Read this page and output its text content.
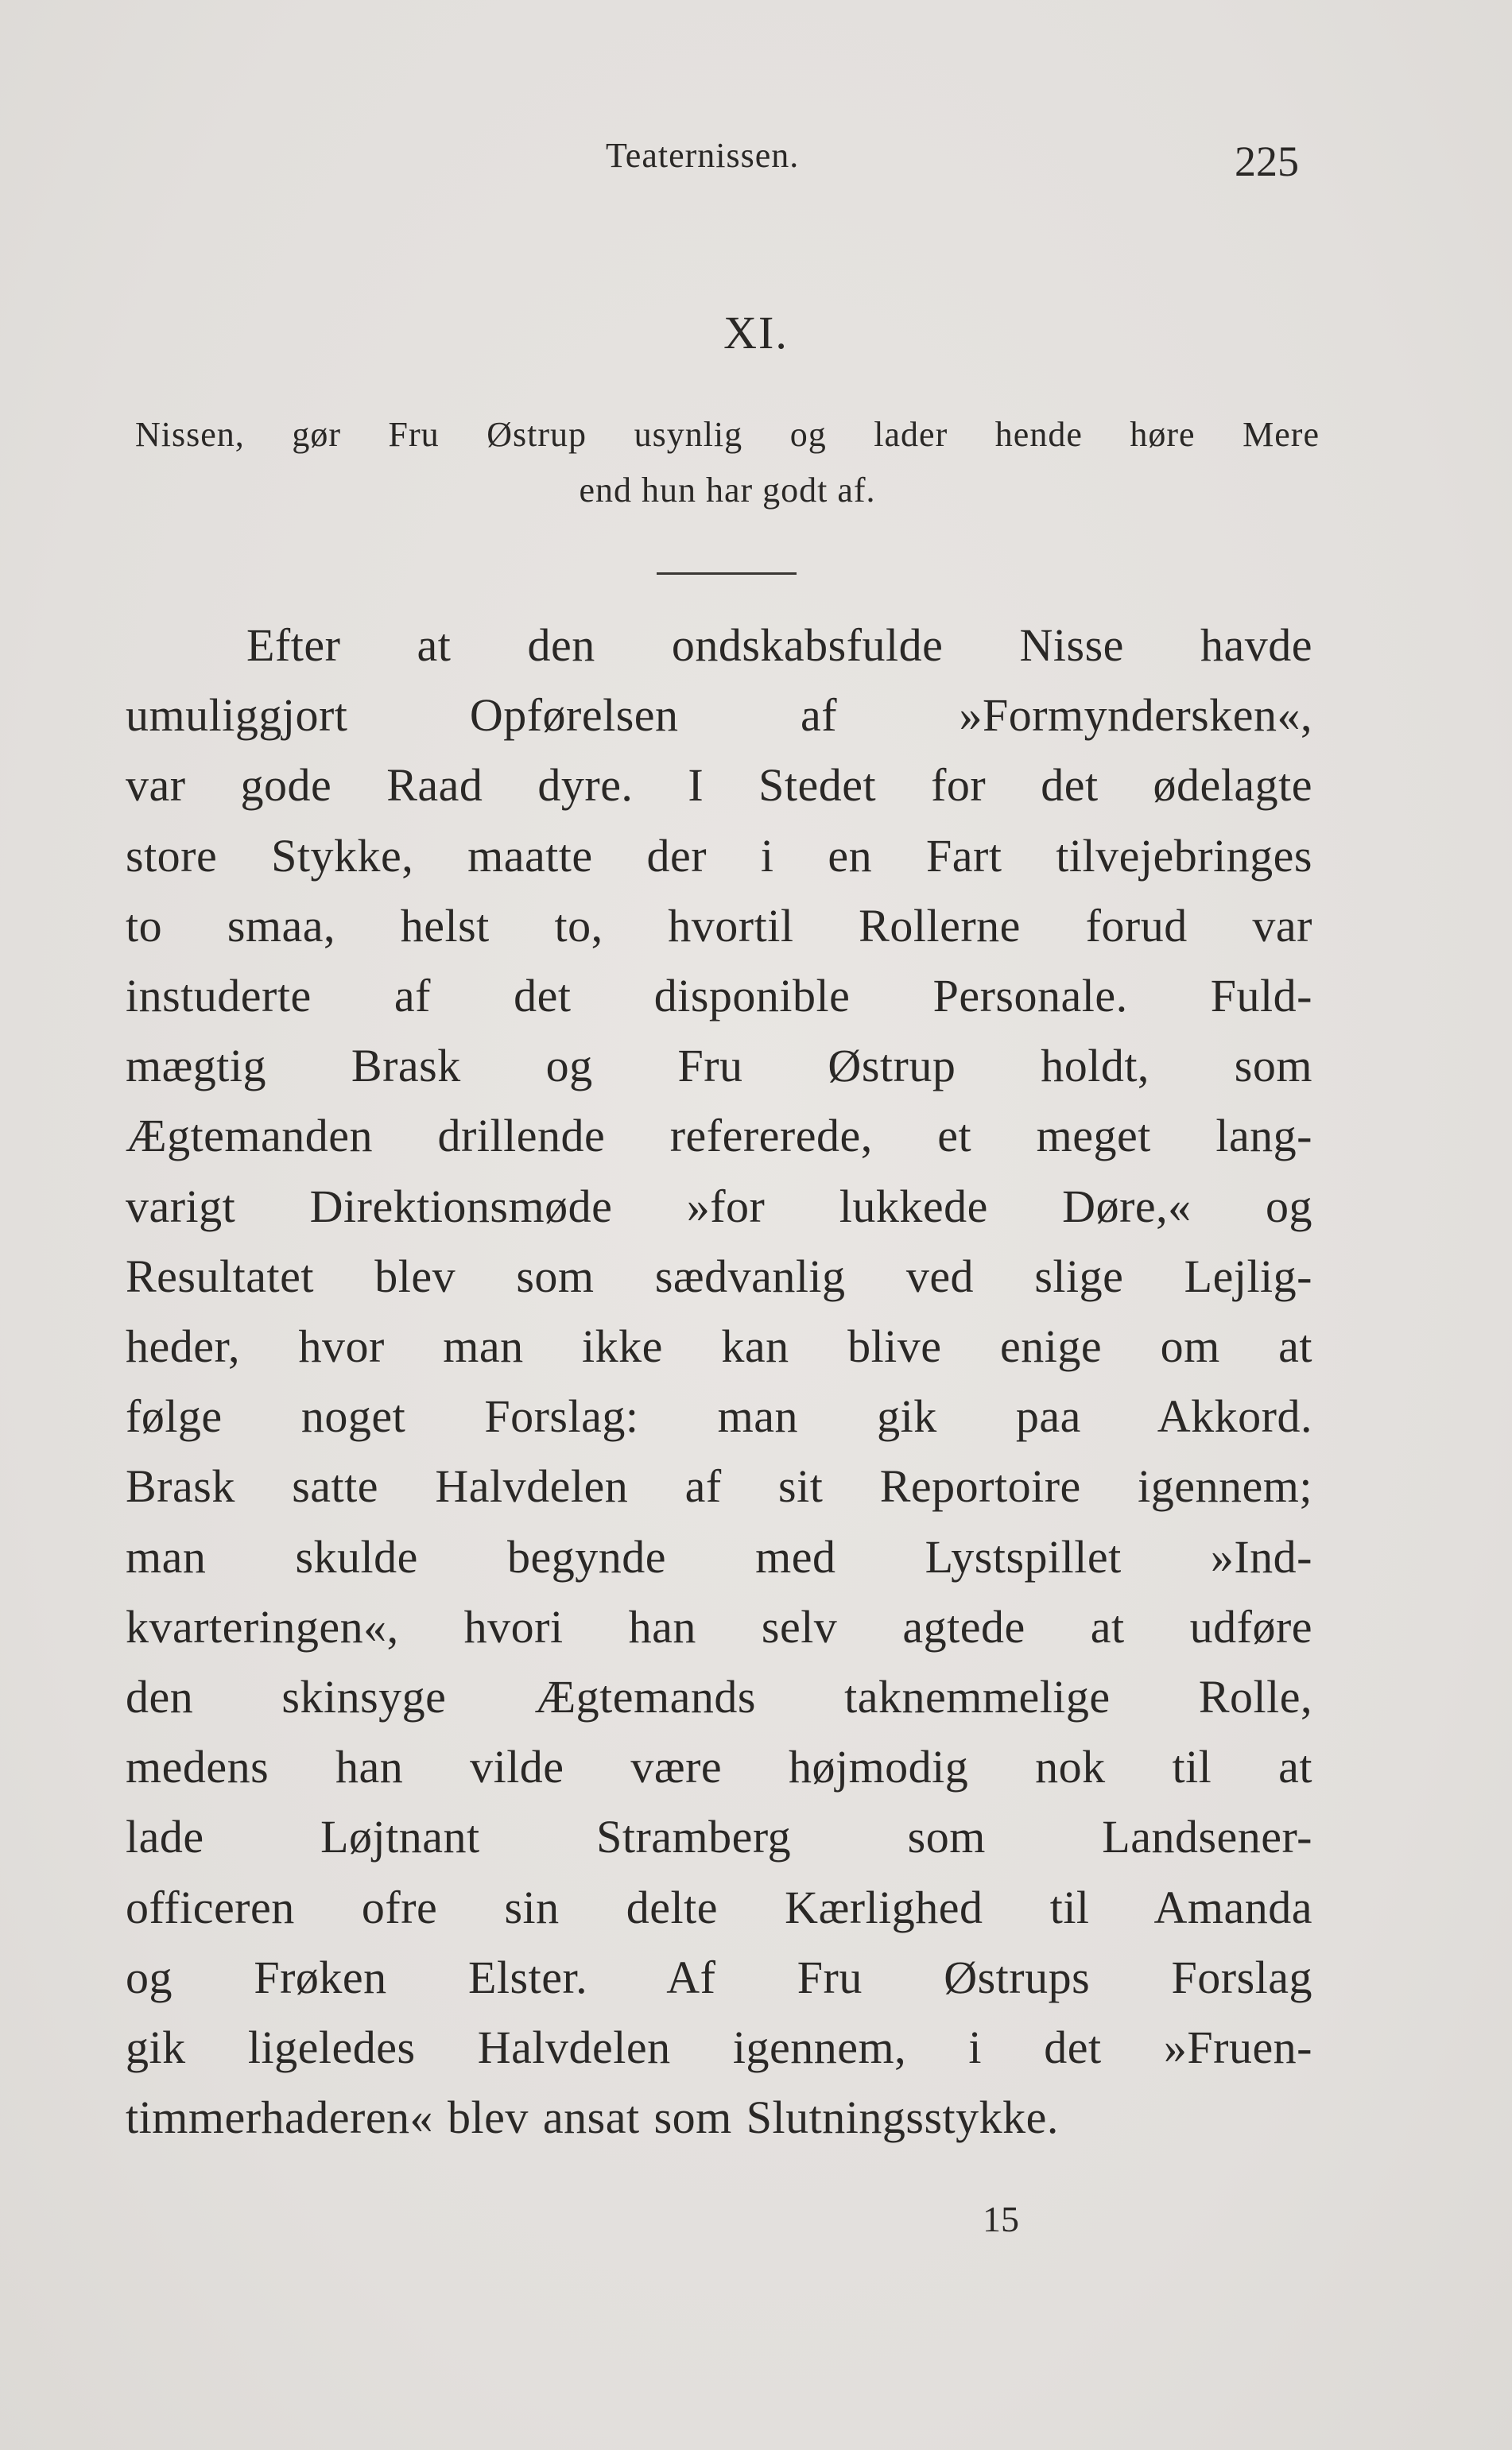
Teaternissen.	225
XI.
Nissen, gør Fru Østrup usynlig og lader hende høre Mere
end hun har godt af.
Efter at den ondskabsfulde Nisse havde
umuliggjort Opførelsen af »Formyndersken«,
var gode Raad dyre. I Stedet for det ødelagte
store Stykke, maatte der i en Fart tilvejebringes
to smaa, helst to, hvortil Rollerne forud var
instuderte af det disponible Personale. Fuld-
mægtig Brask og Fru Østrup holdt, som
Ægtemanden drillende refererede, et meget lang-
varigt Direktionsmøde »for lukkede Døre,« og
Resultatet blev som sædvanlig ved slige Lejlig-
heder, hvor man ikke kan blive enige om at
følge noget Forslag: man gik paa Akkord.
Brask satte Halvdelen af sit Reportoire igennem;
man skulde begynde med Lystspillet »Ind-
kvarteringen«, hvori han selv agtede at udføre
den skinsyge Ægtemands taknemmelige Rolle,
medens han vilde være højmodig nok til at
lade Løjtnant Stramberg som Landsener-
officeren ofre sin delte Kærlighed til Amanda
og Frøken Elster. Af Fru Østrups Forslag
gik ligeledes Halvdelen igennem, i det »Fruen-
timmerhaderen« blev ansat som Slutningsstykke.
15
